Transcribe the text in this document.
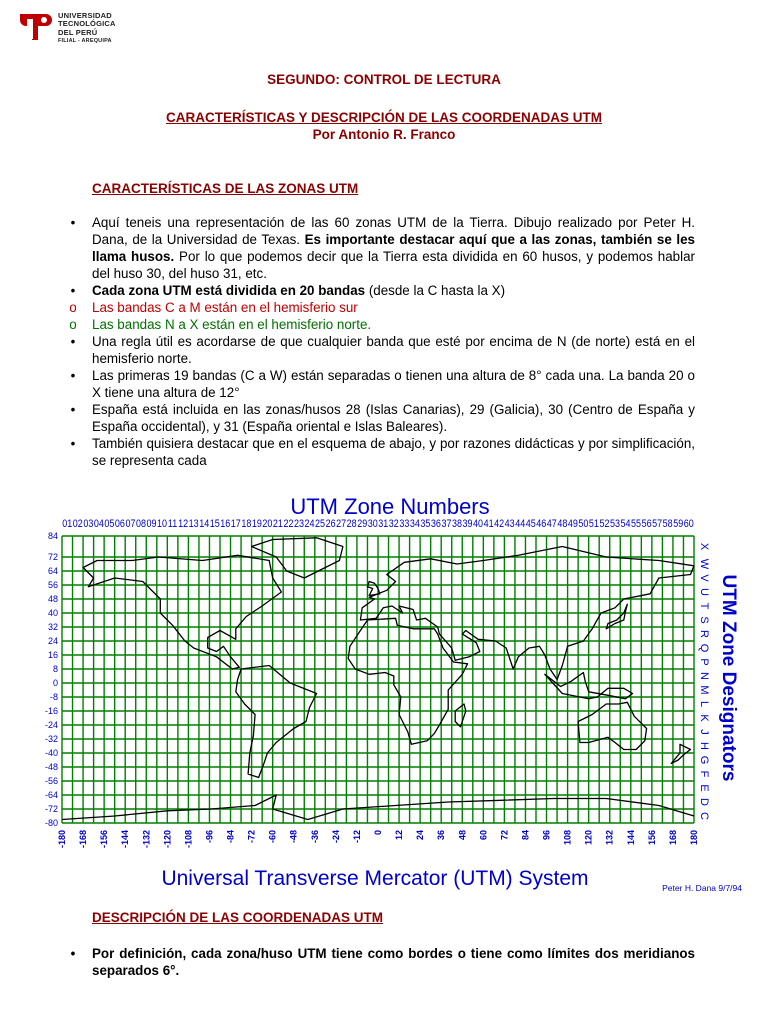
UNIVERSIDAD
TECNOLÓGICA
DEL PERÚ
FILIAL - AREQUIPA
SEGUNDO: CONTROL DE LECTURA
CARACTERÍSTICAS Y DESCRIPCIÓN DE LAS COORDENADAS UTM
Por Antonio R. Franco
CARACTERÍSTICAS DE LAS ZONAS UTM

• Aquí teneis una representación de las 60 zonas UTM de la Tierra. Dibujo realizado por Peter H. Dana, de la Universidad de Texas. Es importante destacar aquí que a las zonas, también se les llama husos. Por lo que podemos decir que la Tierra esta dividida en 60 husos, y podemos hablar del huso 30, del huso 31, etc.

• Cada zona UTM está dividida en 20 bandas (desde la C hasta la X)

o Las bandas C a M están en el hemisferio sur

o Las bandas N a X están en el hemisferio norte.

• Una regla útil es acordarse de que cualquier banda que esté por encima de N (de norte) está en el hemisferio norte.

• Las primeras 19 bandas (C a W) están separadas o tienen una altura de 8° cada una. La banda 20 o X tiene una altura de 12°

• España está incluida en las zonas/husos 28 (Islas Canarias), 29 (Galicia), 30 (Centro de España y España occidental), y 31 (España oriental e Islas Baleares).

• También quisiera destacar que en el esquema de abajo, y por razones didácticas y por simplificación, se representa cada

UTM Zone Numbers
01 02 03 04 05 06 07 08 09 10 11 12 13 14 15 16 17 18 19 20 21 22 23 24 25 26 27 28 29 30 31 32 33 34 35 36 37 38 39 40 41 42 43 44 45 46 47 48 49 50 51 52 53 54 55 56 57 58 59 60
84
72
64
56
48
40
32
24
16
8
0
-8
-16
-24
-32
-40
-48
-56
-64
-72
-80
-180 -168 -156 -144 -132 -120 -108 -96 -84 -72 -60 -48 -36 -24 -12 0 12 24 36 48 60 72 84 96 108 120 132 144 156 168 180
X
W
V
U
T
S
R
Q
P
N
M
L
K
J
H
G
F
E
D
C
UTM Zone Designators
Universal Transverse Mercator (UTM) System	Peter H. Dana 9/7/94
DESCRIPCIÓN DE LAS COORDENADAS UTM

• Por definición, cada zona/huso UTM tiene como bordes o tiene como límites dos meridianos separados 6°.
